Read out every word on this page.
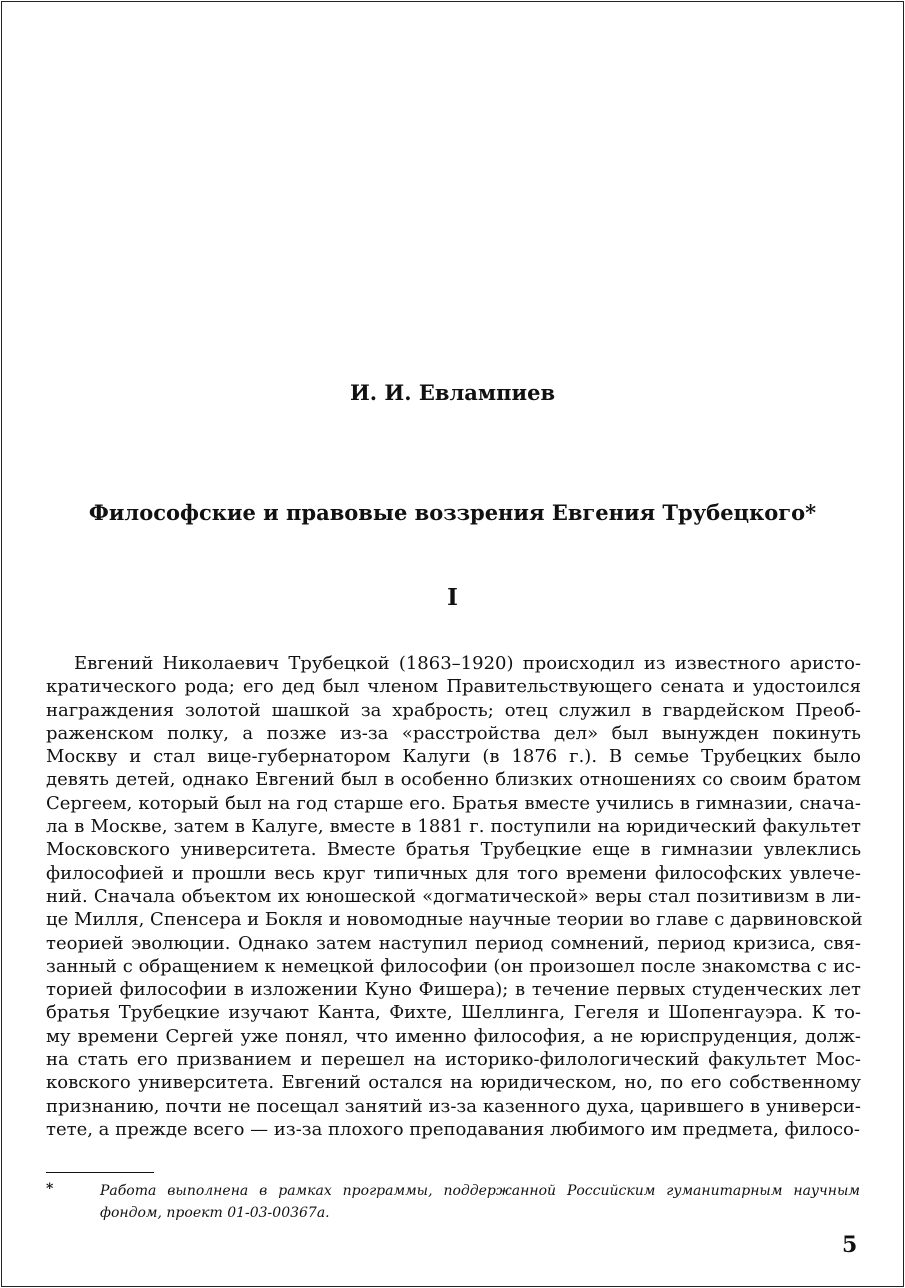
И. И. Евлампиев
Философские и правовые воззрения Евгения Трубецкого*
I
Евгений Николаевич Трубецкой (1863–1920) происходил из известного аристо-
кратического рода; его дед был членом Правительствующего сената и удостоился
награждения золотой шашкой за храбрость; отец служил в гвардейском Преоб-
раженском полку, а позже из-за «расстройства дел» был вынужден покинуть
Москву и стал вице-губернатором Калуги (в 1876 г.). В семье Трубецких было
девять детей, однако Евгений был в особенно близких отношениях со своим братом
Сергеем, который был на год старше его. Братья вместе учились в гимназии, снача-
ла в Москве, затем в Калуге, вместе в 1881 г. поступили на юридический факультет
Московского университета. Вместе братья Трубецкие еще в гимназии увлеклись
философией и прошли весь круг типичных для того времени философских увлече-
ний. Сначала объектом их юношеской «догматической» веры стал позитивизм в ли-
це Милля, Спенсера и Бокля и новомодные научные теории во главе с дарвиновской
теорией эволюции. Однако затем наступил период сомнений, период кризиса, свя-
занный с обращением к немецкой философии (он произошел после знакомства с ис-
торией философии в изложении Куно Фишера); в течение первых студенческих лет
братья Трубецкие изучают Канта, Фихте, Шеллинга, Гегеля и Шопенгауэра. К то-
му времени Сергей уже понял, что именно философия, а не юриспруденция, долж-
на стать его призванием и перешел на историко-филологический факультет Мос-
ковского университета. Евгений остался на юридическом, но, по его собственному
признанию, почти не посещал занятий из-за казенного духа, царившего в универси-
тете, а прежде всего — из-за плохого преподавания любимого им предмета, филосо-
*	Работа выполнена в рамках программы, поддержанной Российским гуманитарным научным
фондом, проект 01-03-00367а.
5
